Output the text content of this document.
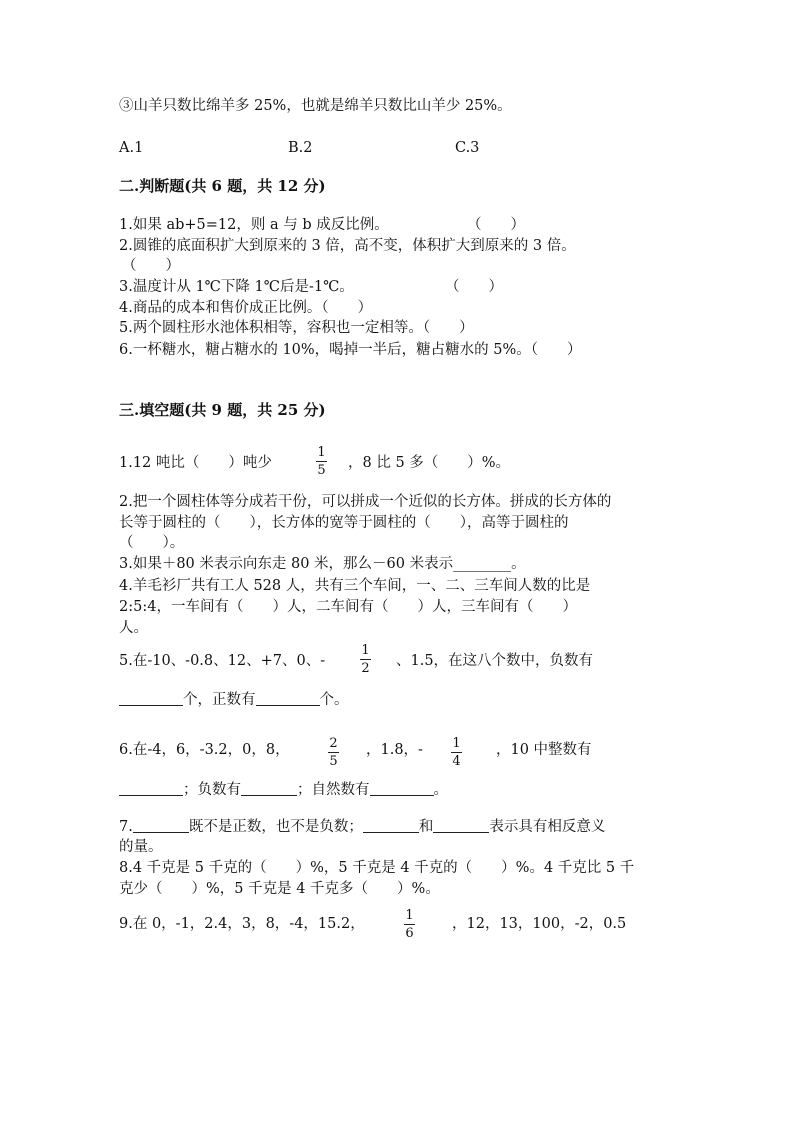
③山羊只数比绵羊多 25%，也就是绵羊只数比山羊少 25%。
A.1	B.2	C.3
二.判断题(共 6 题，共 12 分)
1.如果 ab+5=12，则 a 与 b 成反比例。	（　　）
2.圆锥的底面积扩大到原来的 3 倍，高不变，体积扩大到原来的 3 倍。
（　　）
3.温度计从 1℃下降 1℃后是-1℃。	（　　）
4.商品的成本和售价成正比例。（　　）
5.两个圆柱形水池体积相等，容积也一定相等。（　　）
6.一杯糖水，糖占糖水的 10%，喝掉一半后，糖占糖水的 5%。（　　）
三.填空题(共 9 题，共 25 分)
1.12 吨比（　　）吨少
1
5 ，8 比 5 多（　　）%。
2.把一个圆柱体等分成若干份，可以拼成一个近似的长方体。拼成的长方体的
长等于圆柱的（　　），长方体的宽等于圆柱的（　　），高等于圆柱的
（　　）。
3.如果＋80 米表示向东走 80 米，那么－60 米表示________。
4.羊毛衫厂共有工人 528 人，共有三个车间，一、二、三车间人数的比是
2:5:4，一车间有（　　）人，二车间有（　　）人，三车间有（　　）
人。
5.在-10、-0.8、12、+7、0、-
1
2 、1.5，在这八个数中，负数有
个，正数有	个。
6.在-4，6，-3.2，0，8，	2
5
，1.8，- 1
4
，10 中整数有
；负数有	；自然数有	。
7.	既不是正数，也不是负数；	和	表示具有相反意义
的量。
8.4 千克是 5 千克的（　　）%，5 千克是 4 千克的（　　）%。4 千克比 5 千
克少（　　）%，5 千克是 4 千克多（　　）%。
9.在 0，-1，2.4，3，8，-4，15.2，
1
6
，12，13，100，-2，0.5
